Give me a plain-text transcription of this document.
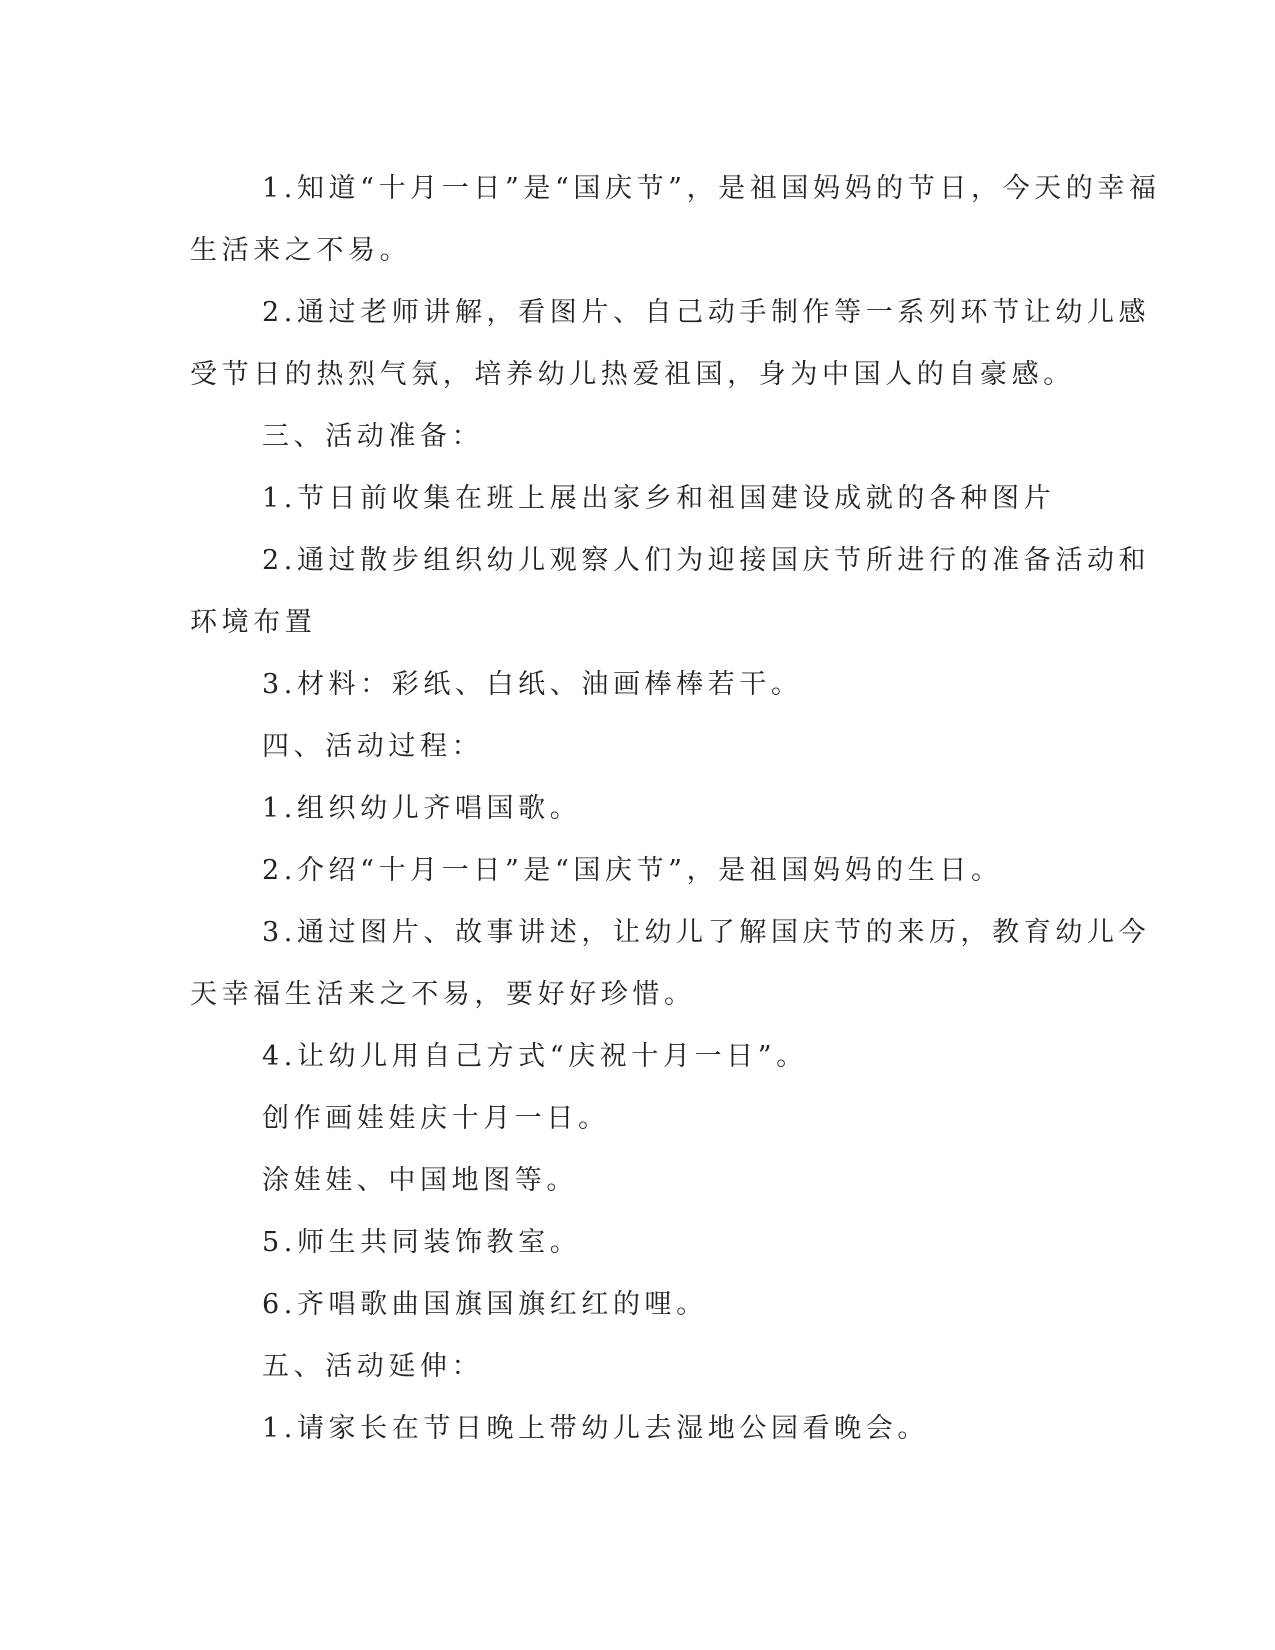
1.知道“十月一日”是“国庆节”，是祖国妈妈的节日，今天的幸福
生活来之不易。
2.通过老师讲解，看图片、自己动手制作等一系列环节让幼儿感
受节日的热烈气氛，培养幼儿热爱祖国，身为中国人的自豪感。
三、活动准备：
1.节日前收集在班上展出家乡和祖国建设成就的各种图片
2.通过散步组织幼儿观察人们为迎接国庆节所进行的准备活动和
环境布置
3.材料：彩纸、白纸、油画棒棒若干。
四、活动过程：
1.组织幼儿齐唱国歌。
2.介绍“十月一日”是“国庆节”，是祖国妈妈的生日。
3.通过图片、故事讲述，让幼儿了解国庆节的来历，教育幼儿今
天幸福生活来之不易，要好好珍惜。
4.让幼儿用自己方式“庆祝十月一日”。
创作画娃娃庆十月一日。
涂娃娃、中国地图等。
5.师生共同装饰教室。
6.齐唱歌曲国旗国旗红红的哩。
五、活动延伸：
1.请家长在节日晚上带幼儿去湿地公园看晚会。
